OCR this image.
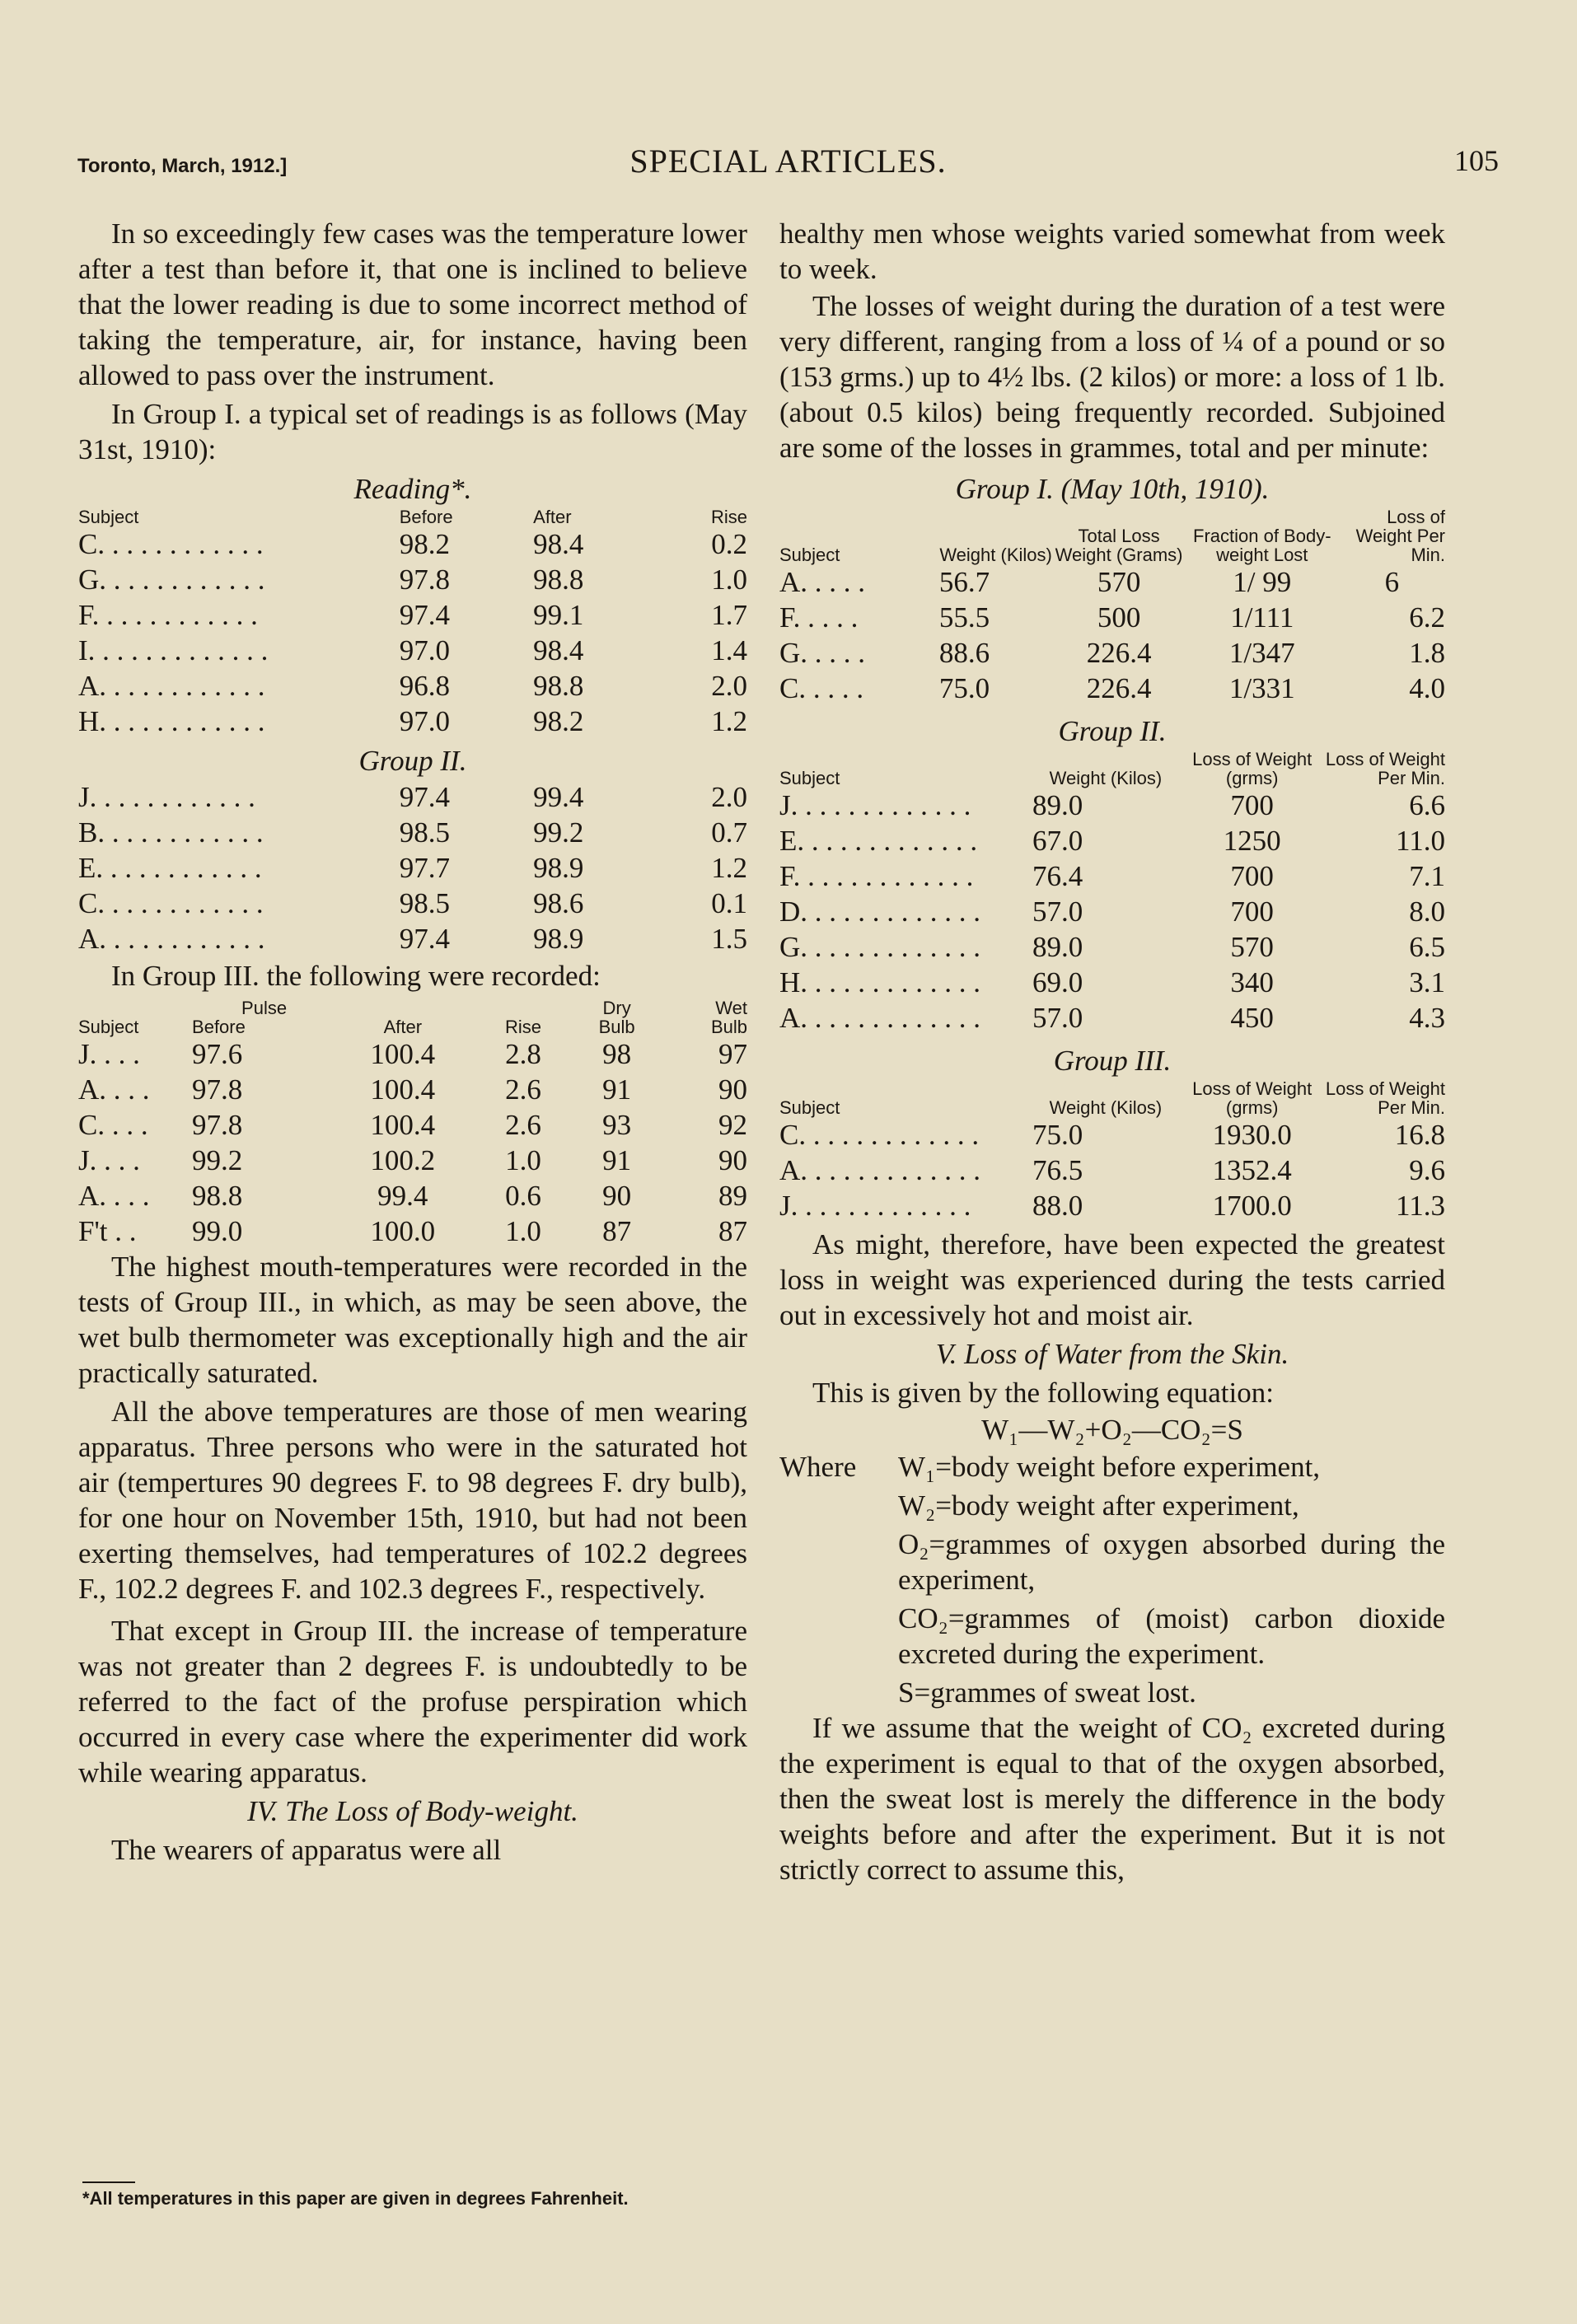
Toronto, March, 1912.]	SPECIAL ARTICLES.	105

In so exceedingly few cases was the temperature lower after a test than before it, that one is inclined to believe that the lower reading is due to some incorrect method of taking the temperature, air, for instance, having been allowed to pass over the instrument.

In Group I. a typical set of readings is as follows (May 31st, 1910):

Reading*.
Subject	Before	After	Rise
C. . . . . . . . . . . .	98.2	98.4	0.2
G. . . . . . . . . . . .	97.8	98.8	1.0
F. . . . . . . . . . . .	97.4	99.1	1.7
I. . . . . . . . . . . . .	97.0	98.4	1.4
A. . . . . . . . . . . .	96.8	98.8	2.0
H. . . . . . . . . . . .	97.0	98.2	1.2
Group II.			
J. . . . . . . . . . . .	97.4	99.4	2.0
B. . . . . . . . . . . .	98.5	99.2	0.7
E. . . . . . . . . . . .	97.7	98.9	1.2
C. . . . . . . . . . . .	98.5	98.6	0.1
A. . . . . . . . . . . .	97.4	98.9	1.5

In Group III. the following were recorded:

	Pulse			Dry	Wet
Subject	Before	After	Rise	Bulb	Bulb
J. . . .	97.6	100.4	2.8	98	97
A. . . .	97.8	100.4	2.6	91	90
C. . . .	97.8	100.4	2.6	93	92
J. . . .	99.2	100.2	1.0	91	90
A. . . .	98.8	99.4	0.6	90	89
F't . .	99.0	100.0	1.0	87	87

The highest mouth-temperatures were recorded in the tests of Group III., in which, as may be seen above, the wet bulb thermometer was exceptionally high and the air practically saturated.

All the above temperatures are those of men wearing apparatus. Three persons who were in the saturated hot air (tempertures 90 degrees F. to 98 degrees F. dry bulb), for one hour on November 15th, 1910, but had not been exerting themselves, had temperatures of 102.2 degrees F., 102.2 degrees F. and 102.3 degrees F., respectively.

That except in Group III. the increase of temperature was not greater than 2 degrees F. is undoubtedly to be referred to the fact of the profuse perspiration which occurred in every case where the experimenter did work while wearing apparatus.

IV. The Loss of Body-weight.

The wearers of apparatus were all

healthy men whose weights varied somewhat from week to week.

The losses of weight during the duration of a test were very different, ranging from a loss of ¼ of a pound or so (153 grms.) up to 4½ lbs. (2 kilos) or more: a loss of 1 lb. (about 0.5 kilos) being frequently recorded. Subjoined are some of the losses in grammes, total and per minute:

Group I. (May 10th, 1910).
Subject	Weight (Kilos)	Total Loss Weight (Grams)	Fraction of Body-weight Lost	Loss of Weight Per Min.
A. . . . .	56.7	570	1/ 99	6
F. . . . .	55.5	500	1/111	6.2
G. . . . .	88.6	226.4	1/347	1.8
C. . . . .	75.0	226.4	1/331	4.0
Group II.
Subject	Weight (Kilos)	Loss of Weight (grms)	Loss of Weight Per Min.
J. . . . . . . . . . . . .	89.0	700	6.6
E. . . . . . . . . . . . .	67.0	1250	11.0
F. . . . . . . . . . . . .	76.4	700	7.1
D. . . . . . . . . . . . .	57.0	700	8.0
G. . . . . . . . . . . . .	89.0	570	6.5
H. . . . . . . . . . . . .	69.0	340	3.1
A. . . . . . . . . . . . .	57.0	450	4.3
Group III.
Subject	Weight (Kilos)	Loss of Weight (grms)	Loss of Weight Per Min.
C. . . . . . . . . . . . .	75.0	1930.0	16.8
A. . . . . . . . . . . . .	76.5	1352.4	9.6
J. . . . . . . . . . . . .	88.0	1700.0	11.3

As might, therefore, have been expected the greatest loss in weight was experienced during the tests carried out in excessively hot and moist air.

V. Loss of Water from the Skin.

This is given by the following equation:

W₁—W₂+O₂—CO₂=S
Where	W₁=body weight before experiment,

W₂=body weight after experiment,

O₂=grammes of oxygen absorbed during the experiment,

CO₂=grammes of (moist) carbon dioxide excreted during the experiment.

S=grammes of sweat lost.

If we assume that the weight of CO₂ excreted during the experiment is equal to that of the oxygen absorbed, then the sweat lost is merely the difference in the body weights before and after the experiment. But it is not strictly correct to assume this,

*All temperatures in this paper are given in degrees Fahrenheit.
